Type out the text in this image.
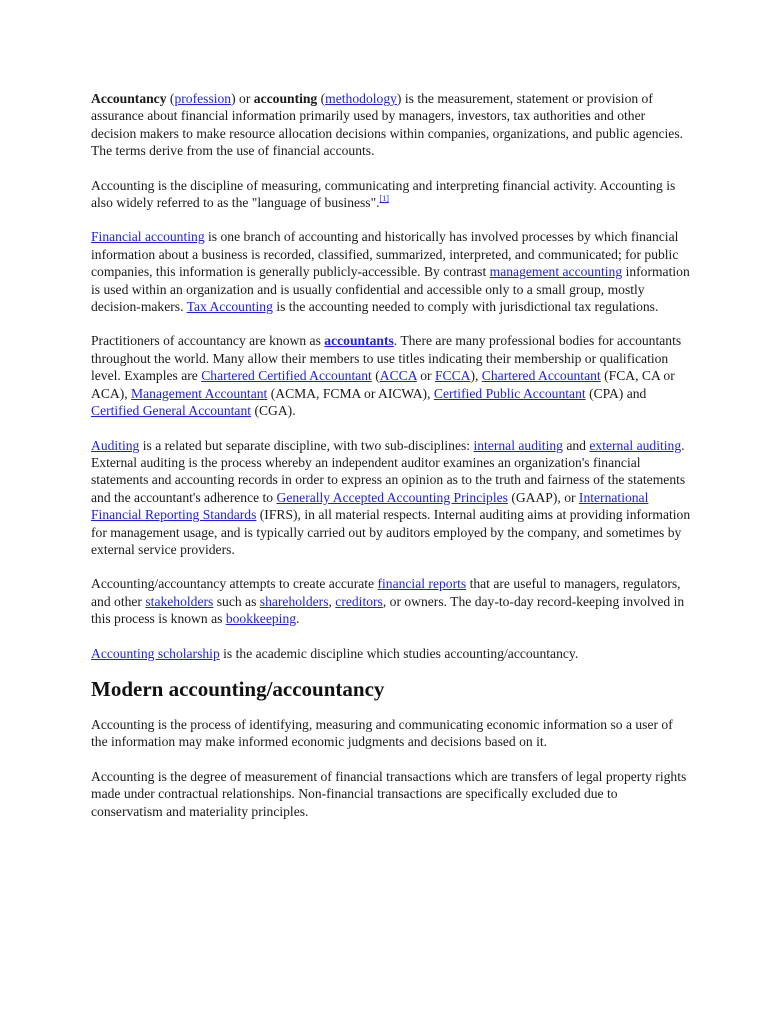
Accountancy (profession) or accounting (methodology) is the measurement, statement or provision of assurance about financial information primarily used by managers, investors, tax authorities and other decision makers to make resource allocation decisions within companies, organizations, and public agencies. The terms derive from the use of financial accounts.

Accounting is the discipline of measuring, communicating and interpreting financial activity. Accounting is also widely referred to as the "language of business".[1]

Financial accounting is one branch of accounting and historically has involved processes by which financial information about a business is recorded, classified, summarized, interpreted, and communicated; for public companies, this information is generally publicly-accessible. By contrast management accounting information is used within an organization and is usually confidential and accessible only to a small group, mostly decision-makers. Tax Accounting is the accounting needed to comply with jurisdictional tax regulations.

Practitioners of accountancy are known as accountants. There are many professional bodies for accountants throughout the world. Many allow their members to use titles indicating their membership or qualification level. Examples are Chartered Certified Accountant (ACCA or FCCA), Chartered Accountant (FCA, CA or ACA), Management Accountant (ACMA, FCMA or AICWA), Certified Public Accountant (CPA) and Certified General Accountant (CGA).

Auditing is a related but separate discipline, with two sub-disciplines: internal auditing and external auditing. External auditing is the process whereby an independent auditor examines an organization's financial statements and accounting records in order to express an opinion as to the truth and fairness of the statements and the accountant's adherence to Generally Accepted Accounting Principles (GAAP), or International Financial Reporting Standards (IFRS), in all material respects. Internal auditing aims at providing information for management usage, and is typically carried out by auditors employed by the company, and sometimes by external service providers.

Accounting/accountancy attempts to create accurate financial reports that are useful to managers, regulators, and other stakeholders such as shareholders, creditors, or owners. The day-to-day record-keeping involved in this process is known as bookkeeping.

Accounting scholarship is the academic discipline which studies accounting/accountancy.

Modern accounting/accountancy

Accounting is the process of identifying, measuring and communicating economic information so a user of the information may make informed economic judgments and decisions based on it.

Accounting is the degree of measurement of financial transactions which are transfers of legal property rights made under contractual relationships. Non-financial transactions are specifically excluded due to conservatism and materiality principles.
